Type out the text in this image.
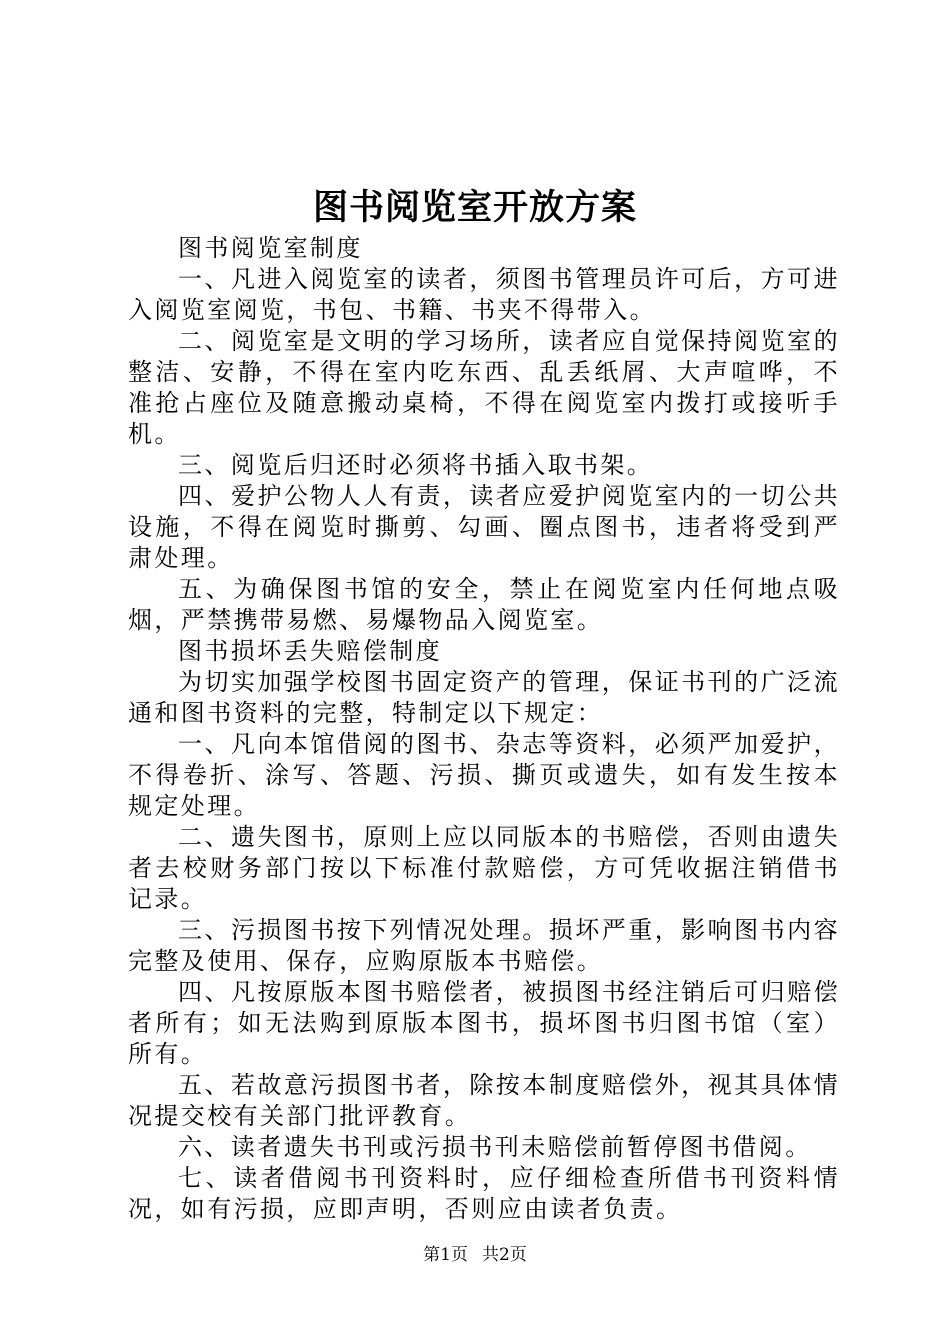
图书阅览室开放方案

图书阅览室制度

一、凡进入阅览室的读者，须图书管理员许可后，方可进入阅览室阅览，书包、书籍、书夹不得带入。

二、阅览室是文明的学习场所，读者应自觉保持阅览室的整洁、安静，不得在室内吃东西、乱丢纸屑、大声喧哗，不准抢占座位及随意搬动桌椅，不得在阅览室内拨打或接听手机。

三、阅览后归还时必须将书插入取书架。

四、爱护公物人人有责，读者应爱护阅览室内的一切公共设施，不得在阅览时撕剪、勾画、圈点图书，违者将受到严肃处理。

五、为确保图书馆的安全，禁止在阅览室内任何地点吸烟，严禁携带易燃、易爆物品入阅览室。

图书损坏丢失赔偿制度

为切实加强学校图书固定资产的管理，保证书刊的广泛流通和图书资料的完整，特制定以下规定：

一、凡向本馆借阅的图书、杂志等资料，必须严加爱护，不得卷折、涂写、答题、污损、撕页或遗失，如有发生按本规定处理。

二、遗失图书，原则上应以同版本的书赔偿，否则由遗失者去校财务部门按以下标准付款赔偿，方可凭收据注销借书记录。

三、污损图书按下列情况处理。损坏严重，影响图书内容完整及使用、保存，应购原版本书赔偿。

四、凡按原版本图书赔偿者，被损图书经注销后可归赔偿者所有；如无法购到原版本图书，损坏图书归图书馆（室）所有。

五、若故意污损图书者，除按本制度赔偿外，视其具体情况提交校有关部门批评教育。

六、读者遗失书刊或污损书刊未赔偿前暂停图书借阅。

七、读者借阅书刊资料时，应仔细检查所借书刊资料情况，如有污损，应即声明，否则应由读者负责。

第1页 共2页
